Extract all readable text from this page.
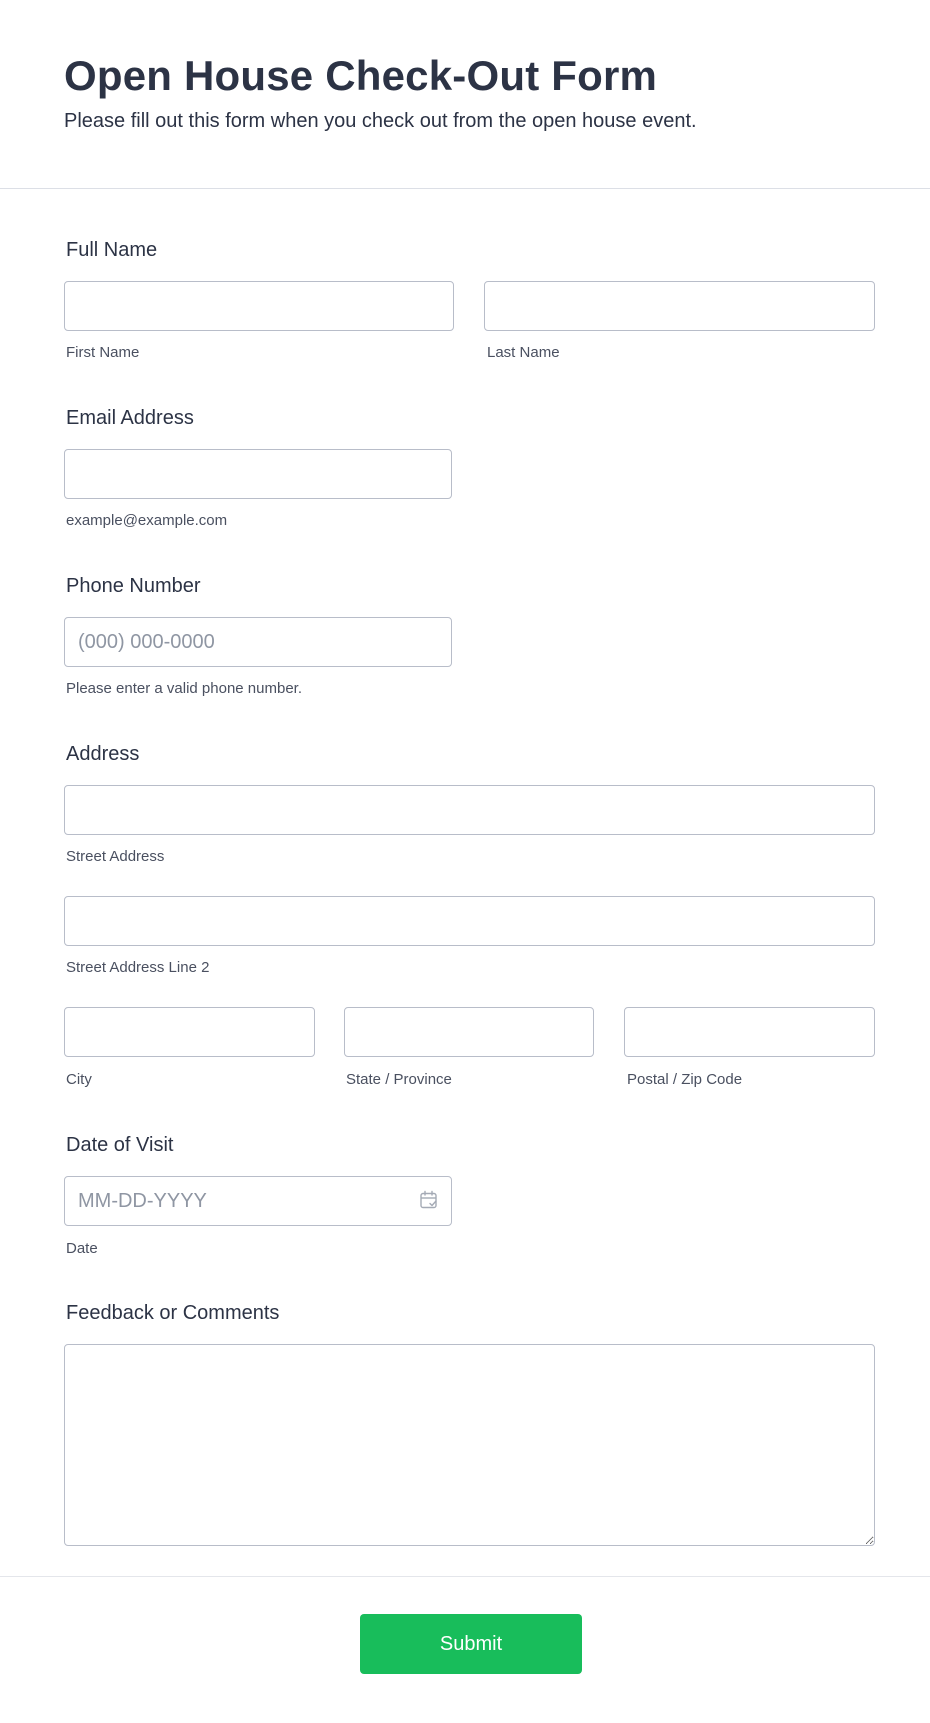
Open House Check-Out Form

Please fill out this form when you check out from the open house event.

Full Name
First Name	Last Name
Email Address
example@example.com
Phone Number
(000) 000-0000
Please enter a valid phone number.
Address
Street Address
Street Address Line 2
City	State / Province	Postal / Zip Code
Date of Visit
MM-DD-YYYY
Date
Feedback or Comments
Submit
